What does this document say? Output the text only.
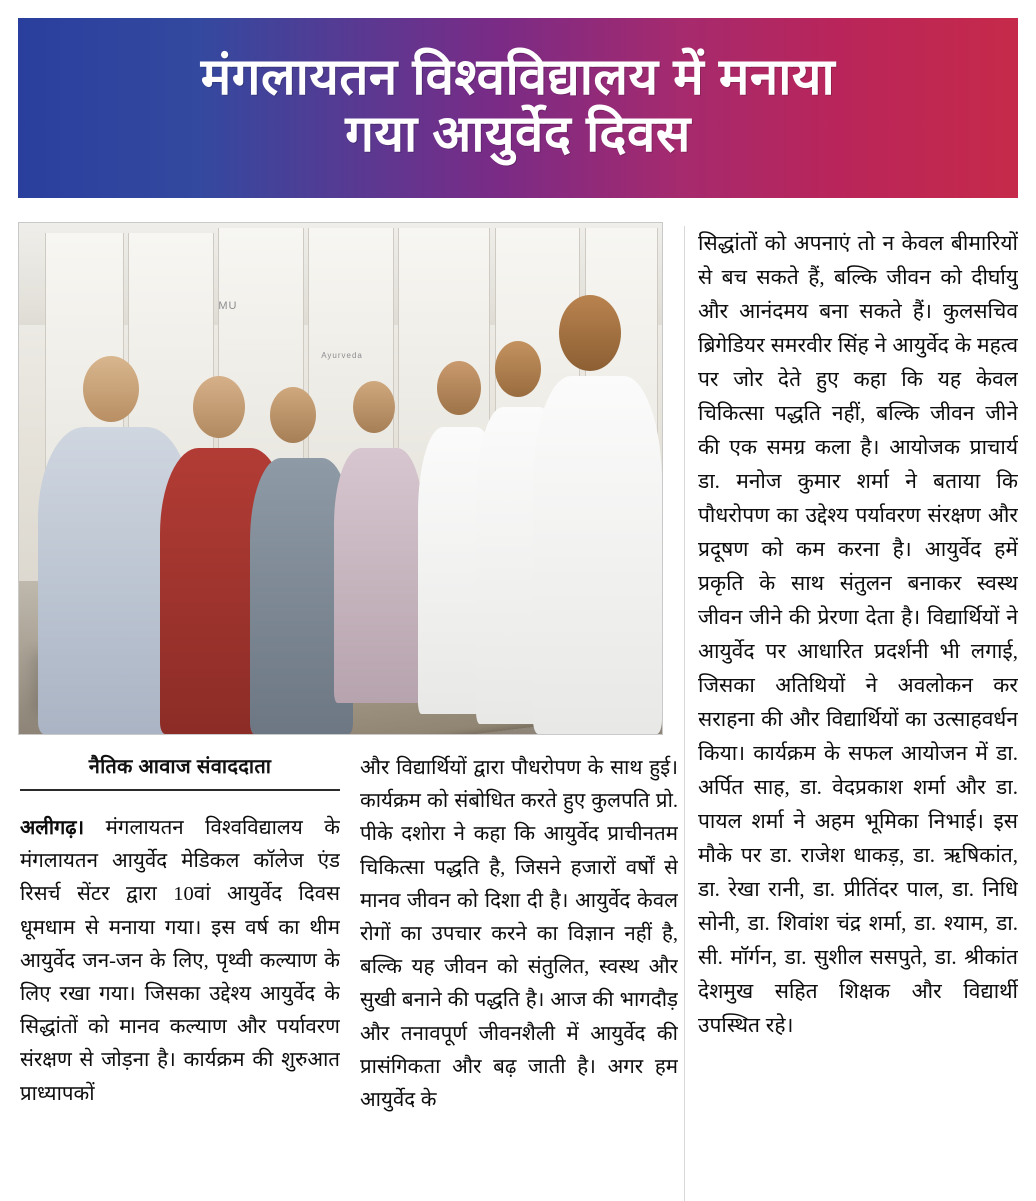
मंगलायतन विश्वविद्यालय में मनाया
गया आयुर्वेद दिवस
MU
Ayurveda
नैतिक आवाज संवाददाता

अलीगढ़। मंगलायतन विश्वविद्यालय के मंगलायतन आयुर्वेद मेडिकल कॉलेज एंड रिसर्च सेंटर द्वारा 10वां आयुर्वेद दिवस धूमधाम से मनाया गया। इस वर्ष का थीम आयुर्वेद जन-जन के लिए, पृथ्वी कल्याण के लिए रखा गया। जिसका उद्देश्य आयुर्वेद के सिद्धांतों को मानव कल्याण और पर्यावरण संरक्षण से जोड़ना है। कार्यक्रम की शुरुआत प्राध्यापकों

और विद्यार्थियों द्वारा पौधरोपण के साथ हुई। कार्यक्रम को संबोधित करते हुए कुलपति प्रो. पीके दशोरा ने कहा कि आयुर्वेद प्राचीनतम चिकित्सा पद्धति है, जिसने हजारों वर्षों से मानव जीवन को दिशा दी है। आयुर्वेद केवल रोगों का उपचार करने का विज्ञान नहीं है, बल्कि यह जीवन को संतुलित, स्वस्थ और सुखी बनाने की पद्धति है। आज की भागदौड़ और तनावपूर्ण जीवनशैली में आयुर्वेद की प्रासंगिकता और बढ़ जाती है। अगर हम आयुर्वेद के

सिद्धांतों को अपनाएं तो न केवल बीमारियों से बच सकते हैं, बल्कि जीवन को दीर्घायु और आनंदमय बना सकते हैं। कुलसचिव ब्रिगेडियर समरवीर सिंह ने आयुर्वेद के महत्व पर जोर देते हुए कहा कि यह केवल चिकित्सा पद्धति नहीं, बल्कि जीवन जीने की एक समग्र कला है। आयोजक प्राचार्य डा. मनोज कुमार शर्मा ने बताया कि पौधरोपण का उद्देश्य पर्यावरण संरक्षण और प्रदूषण को कम करना है। आयुर्वेद हमें प्रकृति के साथ संतुलन बनाकर स्वस्थ जीवन जीने की प्रेरणा देता है। विद्यार्थियों ने आयुर्वेद पर आधारित प्रदर्शनी भी लगाई, जिसका अतिथियों ने अवलोकन कर सराहना की और विद्यार्थियों का उत्साहवर्धन किया। कार्यक्रम के सफल आयोजन में डा. अर्पित साह, डा. वेदप्रकाश शर्मा और डा. पायल शर्मा ने अहम भूमिका निभाई। इस मौके पर डा. राजेश धाकड़, डा. ऋषिकांत, डा. रेखा रानी, डा. प्रीतिंदर पाल, डा. निधि सोनी, डा. शिवांश चंद्र शर्मा, डा. श्याम, डा. सी. मॉर्गन, डा. सुशील ससपुते, डा. श्रीकांत देशमुख सहित शिक्षक और विद्यार्थी उपस्थित रहे।
